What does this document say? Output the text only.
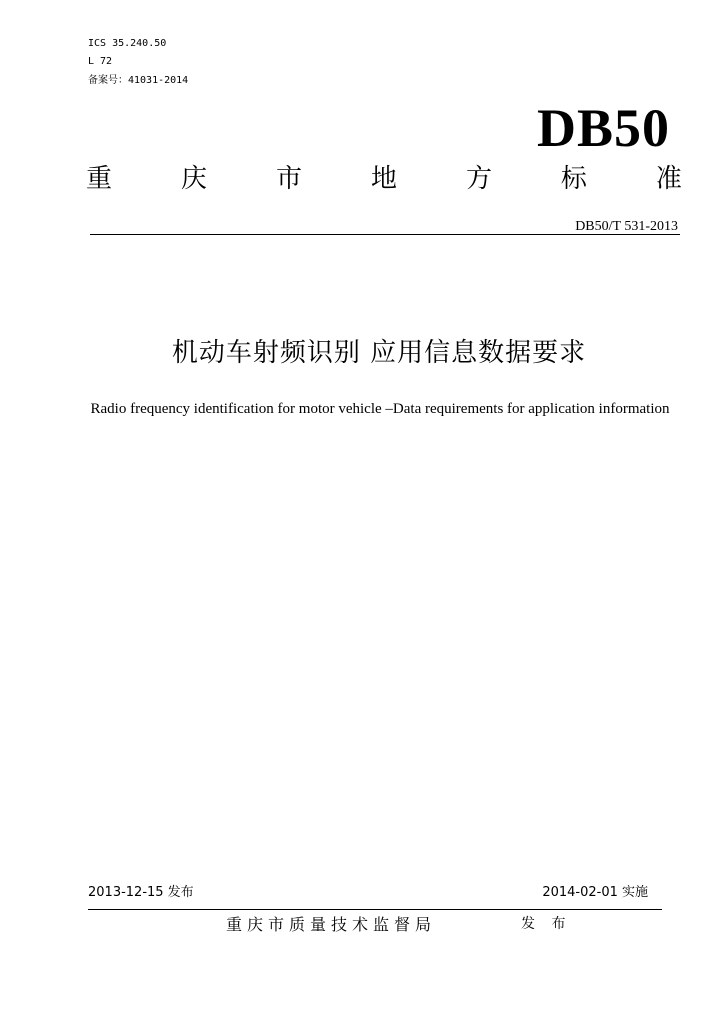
ICS 35.240.50
L 72
备案号：41031-2014
DB50
重	庆	市	地	方	标	准
DB50/T 531-2013
机动车射频识别 应用信息数据要求
Radio frequency identification for motor vehicle –Data requirements for application information
2013-12-15 发布	2014-02-01 实施
重庆市质量技术监督局	发 布
